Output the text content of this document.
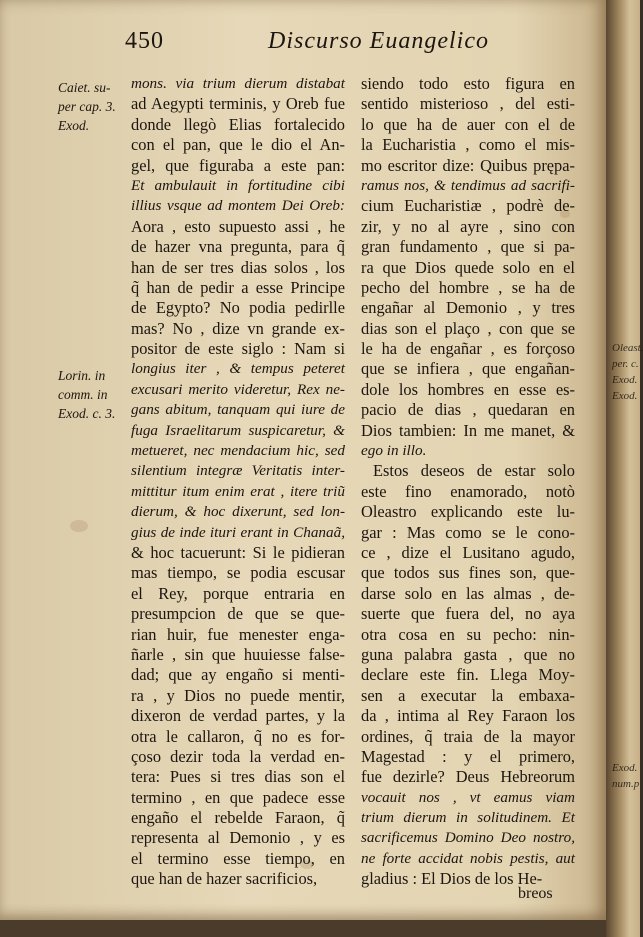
Oleast.
per. c.
Exod.
Exod.
Exod.
num.p
450	Discurso Euangelico
Caiet. su-
per cap. 3.
Exod.
Lorin. in
comm. in
Exod. c. 3.
mons. via trium dierum distabat
ad Aegypti terminis, y Oreb fue
donde llegò Elias fortalecido
con el pan, que le dio el An-
gel, que figuraba a este pan:
Et ambulauit in fortitudine cibi
illius vsque ad montem Dei Oreb:
Aora , esto supuesto assi , he
de hazer vna pregunta, para q̃
han de ser tres dias solos , los
q̃ han de pedir a esse Principe
de Egypto? No podia pedirlle
mas? No , dize vn grande ex-
positor de este siglo : Nam si
longius iter , & tempus peteret
excusari merito videretur, Rex ne-
gans abitum, tanquam qui iure de
fuga Israelitarum suspicaretur, &
metueret, nec mendacium hic, sed
silentium integræ Veritatis inter-
mittitur itum enim erat , itere triũ
dierum, & hoc dixerunt, sed lon-
gius de inde ituri erant in Chanaã,
& hoc tacuerunt: Si le pidieran
mas tiempo, se podia escusar
el Rey, porque entraria en
presumpcion de que se que-
rian huir, fue menester enga-
ñarle , sin que huuiesse false-
dad; que ay engaño si menti-
ra , y Dios no puede mentir,
dixeron de verdad partes, y la
otra le callaron, q̃ no es for-
çoso dezir toda la verdad en-
tera: Pues si tres dias son el
termino , en que padece esse
engaño el rebelde Faraon, q̃
representa al Demonio , y es
el termino esse tiempo, en
que han de hazer sacrificios,
siendo todo esto figura en
sentido misterioso , del esti-
lo que ha de auer con el de
la Eucharistia , como el mis-
mo escritor dize: Quibus prępa-
ramus nos, & tendimus ad sacrifi-
cium Eucharistiæ , podrè de-
zir, y no al ayre , sino con
gran fundamento , que si pa-
ra que Dios quede solo en el
pecho del hombre , se ha de
engañar al Demonio , y tres
dias son el plaço , con que se
le ha de engañar , es forçoso
que se infiera , que engañan-
dole los hombres en esse es-
pacio de dias , quedaran en
Dios tambien: In me manet, &
ego in illo.
Estos deseos de estar solo
este fino enamorado, notò
Oleastro explicando este lu-
gar : Mas como se le cono-
ce , dize el Lusitano agudo,
que todos sus fines son, que-
darse solo en las almas , de-
suerte que fuera del, no aya
otra cosa en su pecho: nin-
guna palabra gasta , que no
declare este fin. Llega Moy-
sen a executar la embaxa-
da , intima al Rey Faraon los
ordines, q̃ traia de la mayor
Magestad : y el primero,
fue dezirle? Deus Hebreorum
vocauit nos , vt eamus viam
trium dierum in solitudinem. Et
sacrificemus Domino Deo nostro,
ne forte accidat nobis pestis, aut
gladius : El Dios de los He-
breos
